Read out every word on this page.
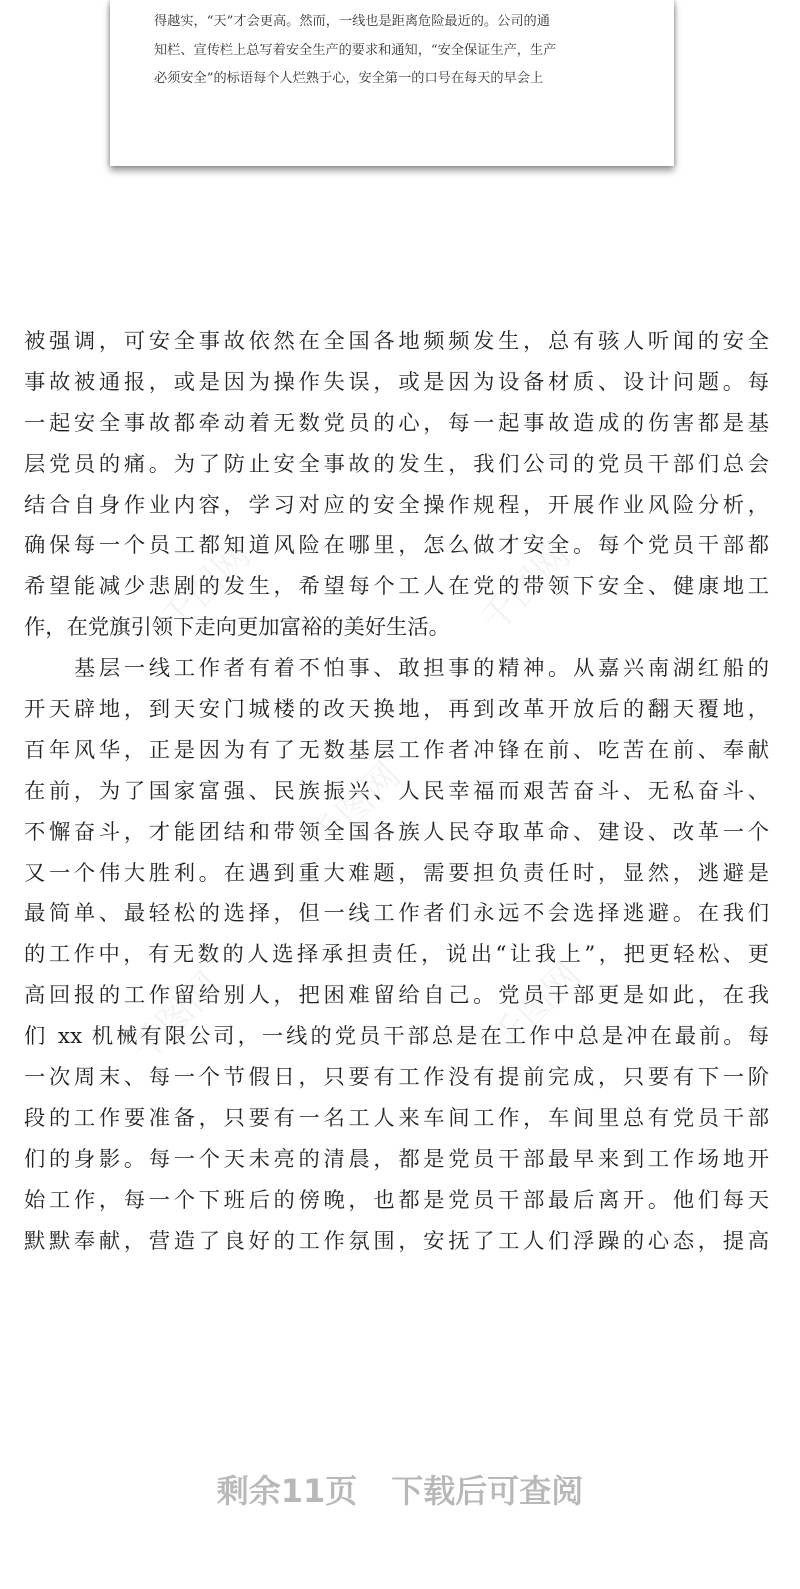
得越实，“天”才会更高。然而，一线也是距离危险最近的。公司的通
知栏、宣传栏上总写着安全生产的要求和通知，“安全保证生产，生产
必须安全”的标语每个人烂熟于心，安全第一的口号在每天的早会上
千图网	千图网
千图网
千图网	千图网
被强调，可安全事故依然在全国各地频频发生，总有骇人听闻的安全
事故被通报，或是因为操作失误，或是因为设备材质、设计问题。每
一起安全事故都牵动着无数党员的心，每一起事故造成的伤害都是基
层党员的痛。为了防止安全事故的发生，我们公司的党员干部们总会
结合自身作业内容，学习对应的安全操作规程，开展作业风险分析，
确保每一个员工都知道风险在哪里，怎么做才安全。每个党员干部都
希望能减少悲剧的发生，希望每个工人在党的带领下安全、健康地工
作，在党旗引领下走向更加富裕的美好生活。
　　基层一线工作者有着不怕事、敢担事的精神。从嘉兴南湖红船的
开天辟地，到天安门城楼的改天换地，再到改革开放后的翻天覆地，
百年风华，正是因为有了无数基层工作者冲锋在前、吃苦在前、奉献
在前，为了国家富强、民族振兴、人民幸福而艰苦奋斗、无私奋斗、
不懈奋斗，才能团结和带领全国各族人民夺取革命、建设、改革一个
又一个伟大胜利。在遇到重大难题，需要担负责任时，显然，逃避是
最简单、最轻松的选择，但一线工作者们永远不会选择逃避。在我们
的工作中，有无数的人选择承担责任，说出“让我上”，把更轻松、更
高回报的工作留给别人，把困难留给自己。党员干部更是如此，在我
们 xx 机械有限公司，一线的党员干部总是在工作中总是冲在最前。每
一次周末、每一个节假日，只要有工作没有提前完成，只要有下一阶
段的工作要准备，只要有一名工人来车间工作，车间里总有党员干部
们的身影。每一个天未亮的清晨，都是党员干部最早来到工作场地开
始工作，每一个下班后的傍晚，也都是党员干部最后离开。他们每天
默默奉献，营造了良好的工作氛围，安抚了工人们浮躁的心态，提高
剩余11页 下载后可查阅
